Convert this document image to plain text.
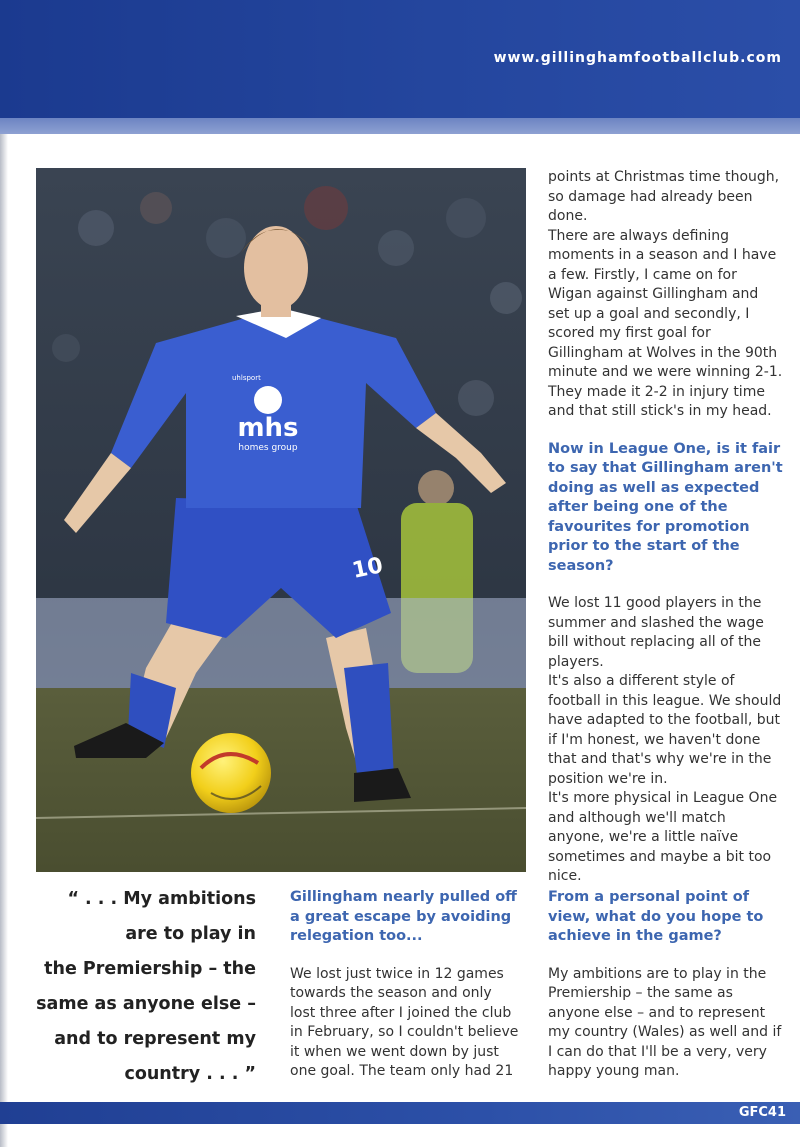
www.gillinghamfootballclub.com
mhs
homes group
uhlsport
10

points at Christmas time though, so damage had already been done.

There are always defining moments in a season and I have a few. Firstly, I came on for Wigan against Gillingham and set up a goal and secondly, I scored my first goal for Gillingham at Wolves in the 90th minute and we were winning 2-1. They made it 2-2 in injury time and that still stick's in my head.

Now in League One, is it fair to say that Gillingham aren't doing as well as expected after being one of the favourites for promotion prior to the start of the season?

We lost 11 good players in the summer and slashed the wage bill without replacing all of the players.

It's also a different style of football in this league. We should have adapted to the football, but if I'm honest, we haven't done that and that's why we're in the position we're in.

It's more physical in League One and although we'll match anyone, we're a little naïve sometimes and maybe a bit too nice.

“ . . . My ambitions
are to play in
the Premiership – the
same as anyone else –
and to represent my
country . . . ”
Gillingham nearly pulled off a great escape by avoiding relegation too...

We lost just twice in 12 games towards the season and only lost three after I joined the club in February, so I couldn't believe it when we went down by just one goal. The team only had 21

From a personal point of view, what do you hope to achieve in the game?

My ambitions are to play in the Premiership – the same as anyone else – and to represent my country (Wales) as well and if I can do that I'll be a very, very happy young man.

GFC41
